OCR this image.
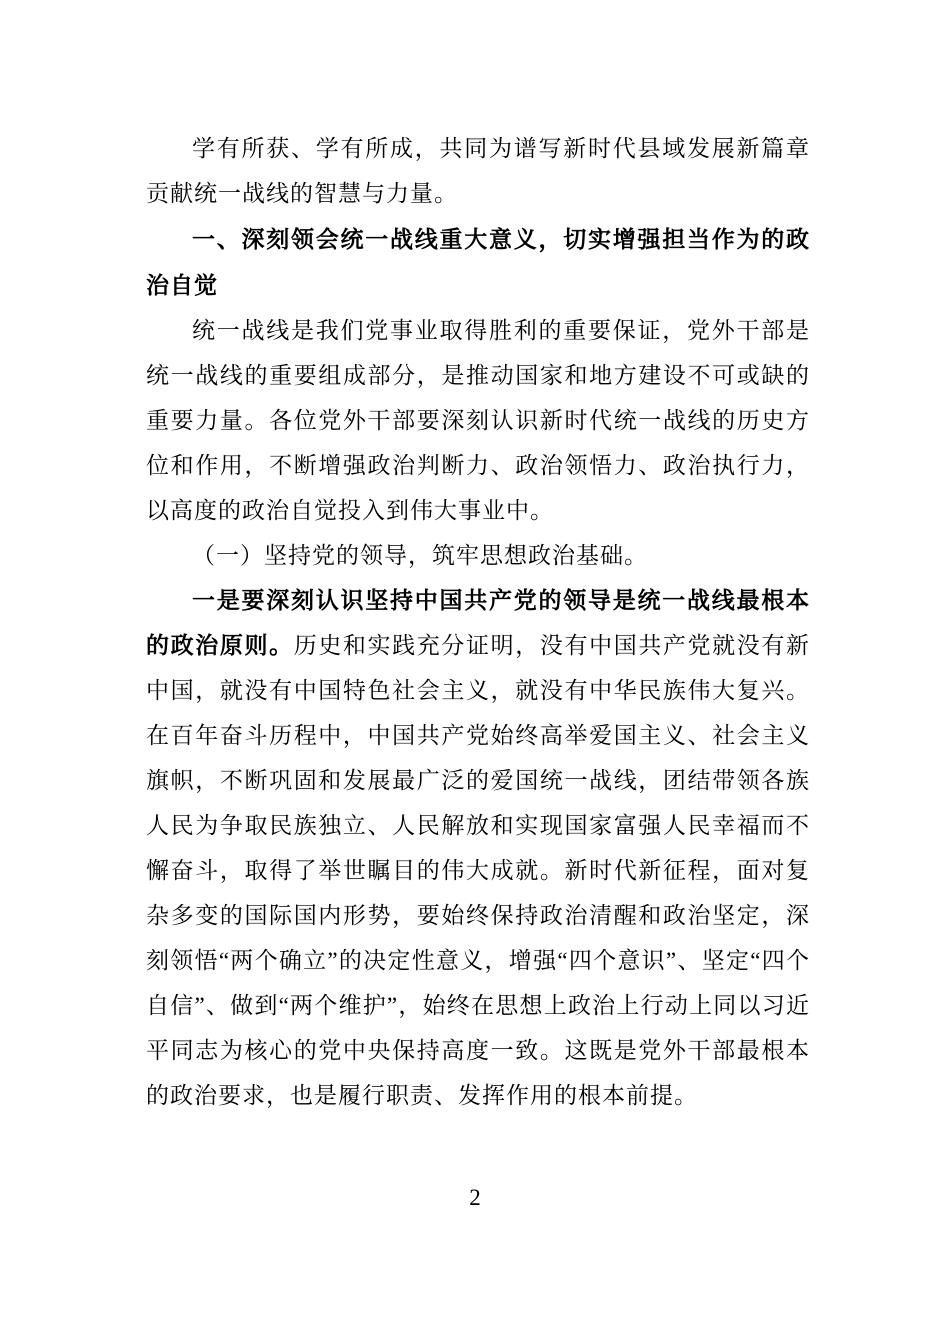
学有所获、学有所成，共同为谱写新时代县域发展新篇章贡献统一战线的智慧与力量。

一、深刻领会统一战线重大意义，切实增强担当作为的政治自觉

统一战线是我们党事业取得胜利的重要保证，党外干部是统一战线的重要组成部分，是推动国家和地方建设不可或缺的重要力量。各位党外干部要深刻认识新时代统一战线的历史方位和作用，不断增强政治判断力、政治领悟力、政治执行力，以高度的政治自觉投入到伟大事业中。

（一）坚持党的领导，筑牢思想政治基础。

一是要深刻认识坚持中国共产党的领导是统一战线最根本的政治原则。历史和实践充分证明，没有中国共产党就没有新中国，就没有中国特色社会主义，就没有中华民族伟大复兴。在百年奋斗历程中，中国共产党始终高举爱国主义、社会主义旗帜，不断巩固和发展最广泛的爱国统一战线，团结带领各族人民为争取民族独立、人民解放和实现国家富强人民幸福而不懈奋斗，取得了举世瞩目的伟大成就。新时代新征程，面对复杂多变的国际国内形势，要始终保持政治清醒和政治坚定，深刻领悟“两个确立”的决定性意义，增强“四个意识”、坚定“四个自信”、做到“两个维护”，始终在思想上政治上行动上同以习近平同志为核心的党中央保持高度一致。这既是党外干部最根本的政治要求，也是履行职责、发挥作用的根本前提。

2
